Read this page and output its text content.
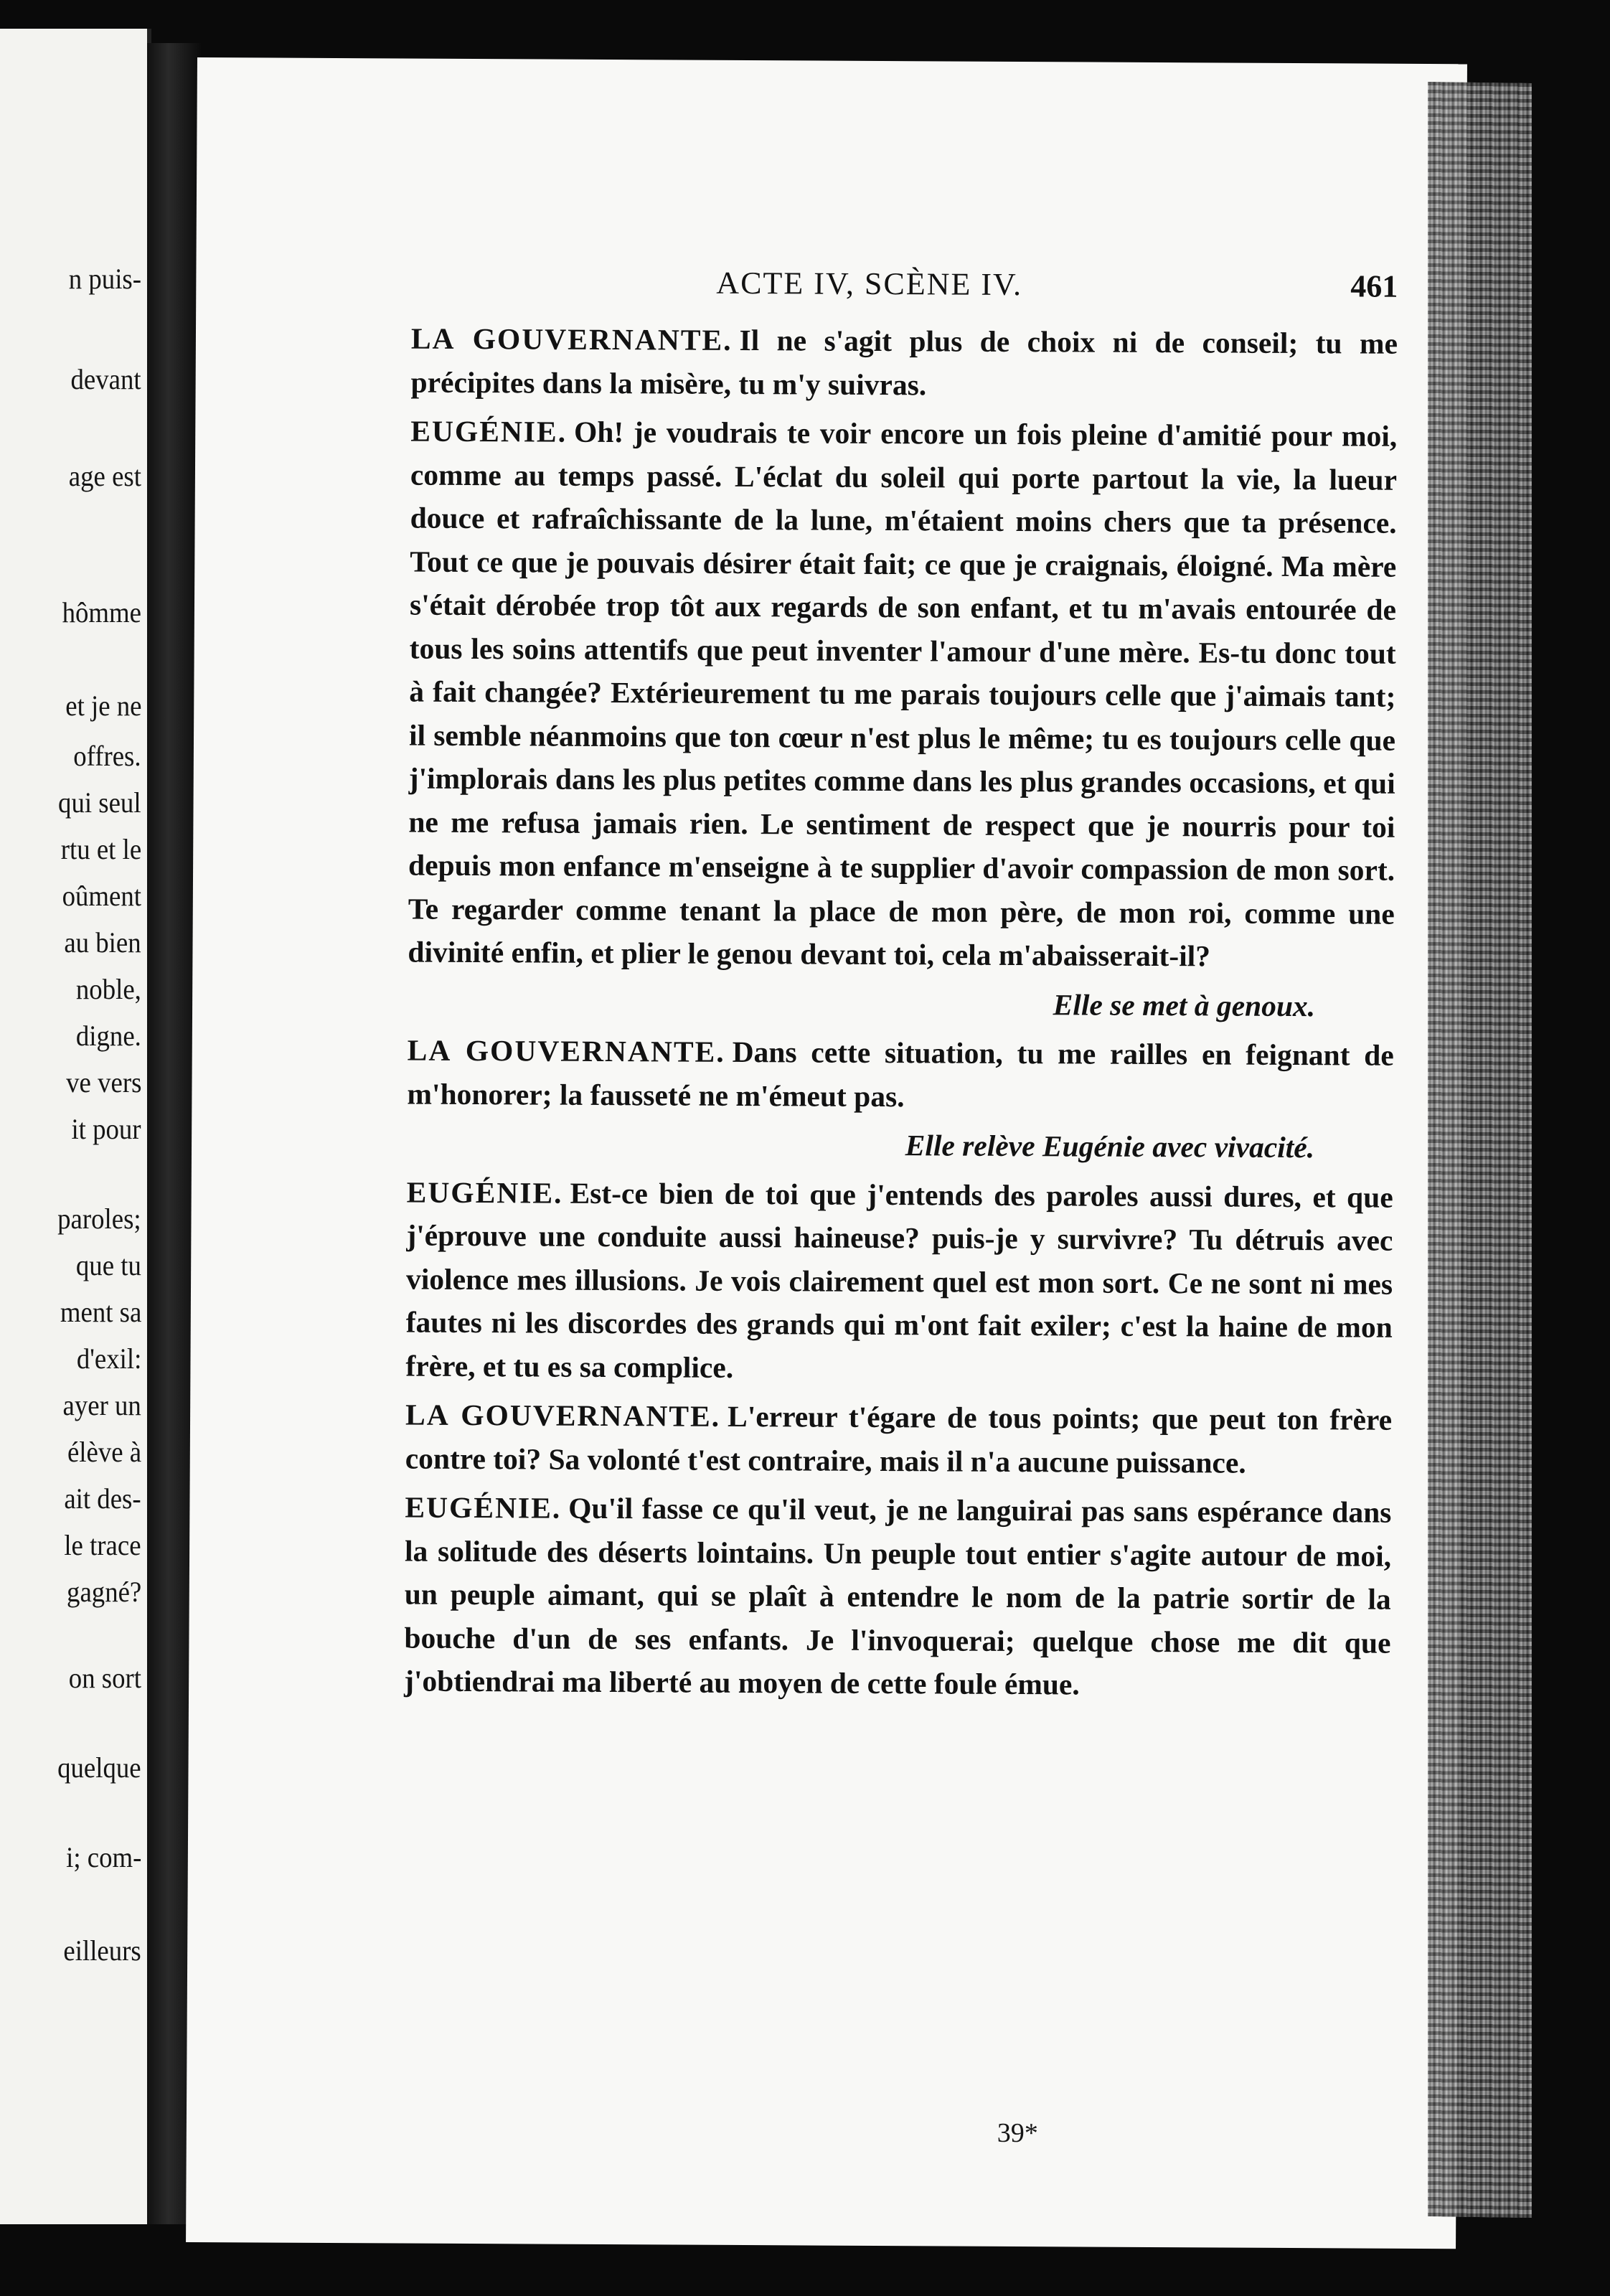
n puis-
devant
age est
hômme
et je ne
offres.
qui seul
rtu et le
oûment
au bien
noble,
digne.
ve vers
it pour
paroles;
que tu
ment sa
d'exil:
ayer un
élève à
ait des-
le trace
gagné?
on sort
quelque
i; com-
eilleurs
ACTE IV, SCÈNE IV.	461

LA GOUVERNANTE. Il ne s'agit plus de choix ni de conseil; tu me précipites dans la misère, tu m'y suivras.

EUGÉNIE. Oh! je voudrais te voir encore un fois pleine d'amitié pour moi, comme au temps passé. L'éclat du soleil qui porte partout la vie, la lueur douce et rafraîchissante de la lune, m'étaient moins chers que ta présence. Tout ce que je pouvais désirer était fait; ce que je craignais, éloigné. Ma mère s'était dérobée trop tôt aux regards de son enfant, et tu m'avais entourée de tous les soins attentifs que peut inventer l'amour d'une mère. Es-tu donc tout à fait changée? Extérieurement tu me parais toujours celle que j'aimais tant; il semble néanmoins que ton cœur n'est plus le même; tu es toujours celle que j'implorais dans les plus petites comme dans les plus grandes occasions, et qui ne me refusa jamais rien. Le sentiment de respect que je nourris pour toi depuis mon enfance m'enseigne à te supplier d'avoir compassion de mon sort. Te regarder comme tenant la place de mon père, de mon roi, comme une divinité enfin, et plier le genou devant toi, cela m'abaisserait-il?

Elle se met à genoux.

LA GOUVERNANTE. Dans cette situation, tu me railles en feignant de m'honorer; la fausseté ne m'émeut pas.

Elle relève Eugénie avec vivacité.

EUGÉNIE. Est-ce bien de toi que j'entends des paroles aussi dures, et que j'éprouve une conduite aussi haineuse? puis-je y survivre? Tu détruis avec violence mes illusions. Je vois clairement quel est mon sort. Ce ne sont ni mes fautes ni les discordes des grands qui m'ont fait exiler; c'est la haine de mon frère, et tu es sa complice.

LA GOUVERNANTE. L'erreur t'égare de tous points; que peut ton frère contre toi? Sa volonté t'est contraire, mais il n'a aucune puissance.

EUGÉNIE. Qu'il fasse ce qu'il veut, je ne languirai pas sans espérance dans la solitude des déserts lointains. Un peuple tout entier s'agite autour de moi, un peuple aimant, qui se plaît à entendre le nom de la patrie sortir de la bouche d'un de ses enfants. Je l'invoquerai; quelque chose me dit que j'obtiendrai ma liberté au moyen de cette foule émue.

39*
